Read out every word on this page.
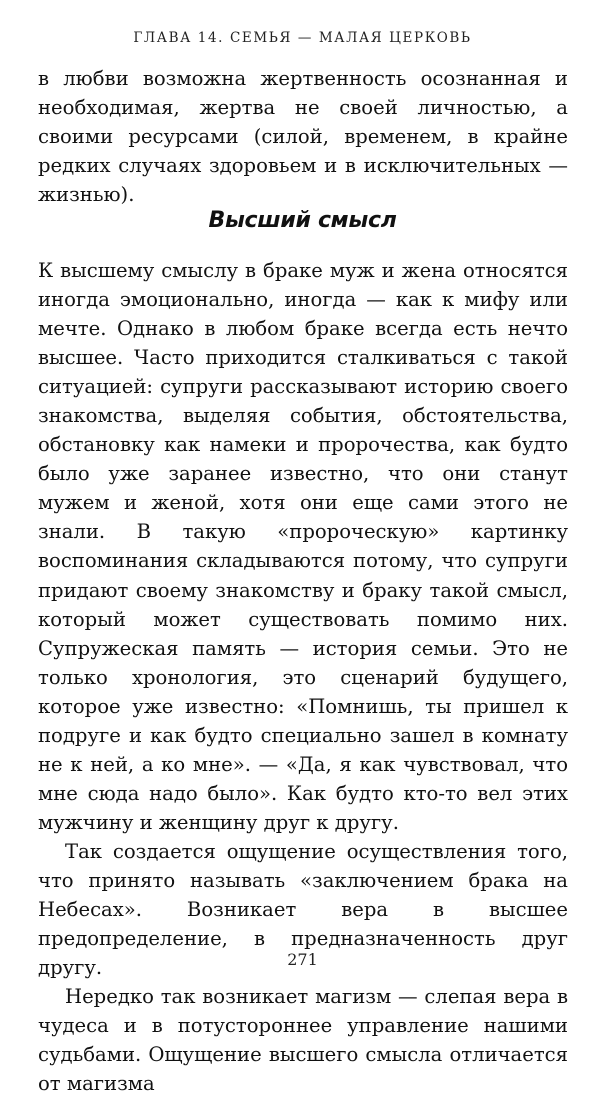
ГЛАВА 14. СЕМЬЯ — МАЛАЯ ЦЕРКОВЬ

в любви возможна жертвенность осознанная и необходимая, жертва не своей личностью, а своими ресурсами (силой, временем, в крайне редких случаях здоровьем и в исключительных — жизнью).

Высший смысл

К высшему смыслу в браке муж и жена относятся иногда эмоционально, иногда — как к мифу или мечте. Однако в любом браке всегда есть нечто высшее. Часто приходится сталкиваться с такой ситуацией: супруги рассказывают историю своего знакомства, выделяя события, обстоятельства, обстановку как намеки и пророчества, как будто было уже заранее известно, что они станут мужем и женой, хотя они еще сами этого не знали. В такую «пророческую» картинку воспоминания складываются потому, что супруги придают своему знакомству и браку такой смысл, который может существовать помимо них. Супружеская память — история семьи. Это не только хронология, это сценарий будущего, которое уже известно: «Помнишь, ты пришел к подруге и как будто специально зашел в комнату не к ней, а ко мне». — «Да, я как чувствовал, что мне сюда надо было». Как будто кто-то вел этих мужчину и женщину друг к другу.

Так создается ощущение осуществления того, что принято называть «заключением брака на Небесах». Возникает вера в высшее предопределение, в предназначенность друг другу.

Нередко так возникает магизм — слепая вера в чудеса и в потустороннее управление нашими судьбами. Ощущение высшего смысла отличается от магизма

271
